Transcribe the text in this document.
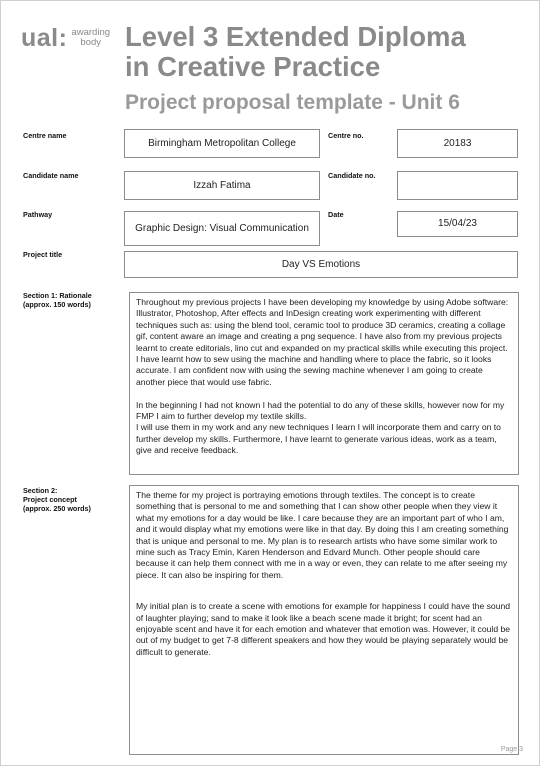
ual: awarding
body Level 3 Extended Diploma
in Creative Practice
Project proposal template - Unit 6
Centre name
Birmingham Metropolitan College
Centre no.
20183
Candidate name
Izzah Fatima
Candidate no.
Pathway
Graphic Design: Visual Communication
Date
15/04/23
Project title
Day VS Emotions
Section 1: Rationale
(approx. 150 words)	Throughout my previous projects I have been developing my knowledge by using Adobe software: Illustrator, Photoshop, After effects and InDesign creating work experimenting with different techniques such as: using the blend tool, ceramic tool to produce 3D ceramics, creating a collage gif, content aware an image and creating a png sequence. I have also from my previous projects learnt to create editorials, lino cut and expanded on my practical skills while executing this project. I have learnt how to sew using the machine and handling where to place the fabric, so it looks accurate. I am confident now with using the sewing machine whenever I am going to create another piece that would use fabric.

In the beginning I had not known I had the potential to do any of these skills, however now for my FMP I aim to further develop my textile skills.

I will use them in my work and any new techniques I learn I will incorporate them and carry on to further develop my skills. Furthermore, I have learnt to generate various ideas, work as a team, give and receive feedback.

Section 2:
Project concept
(approx. 250 words)

The theme for my project is portraying emotions through textiles. The concept is to create something that is personal to me and something that I can show other people when they view it what my emotions for a day would be like. I care because they are an important part of who I am, and it would display what my emotions were like in that day. By doing this I am creating something that is unique and personal to me. My plan is to research artists who have some similar work to mine such as Tracy Emin, Karen Henderson and Edvard Munch. Other people should care because it can help them connect with me in a way or even, they can relate to me after seeing my piece. It can also be inspiring for them.

My initial plan is to create a scene with emotions for example for happiness I could have the sound of laughter playing; sand to make it look like a beach scene made it bright; for scent had an enjoyable scent and have it for each emotion and whatever that emotion was. However, it could be out of my budget to get 7-8 different speakers and how they would be playing separately would be difficult to generate.

Page 3
